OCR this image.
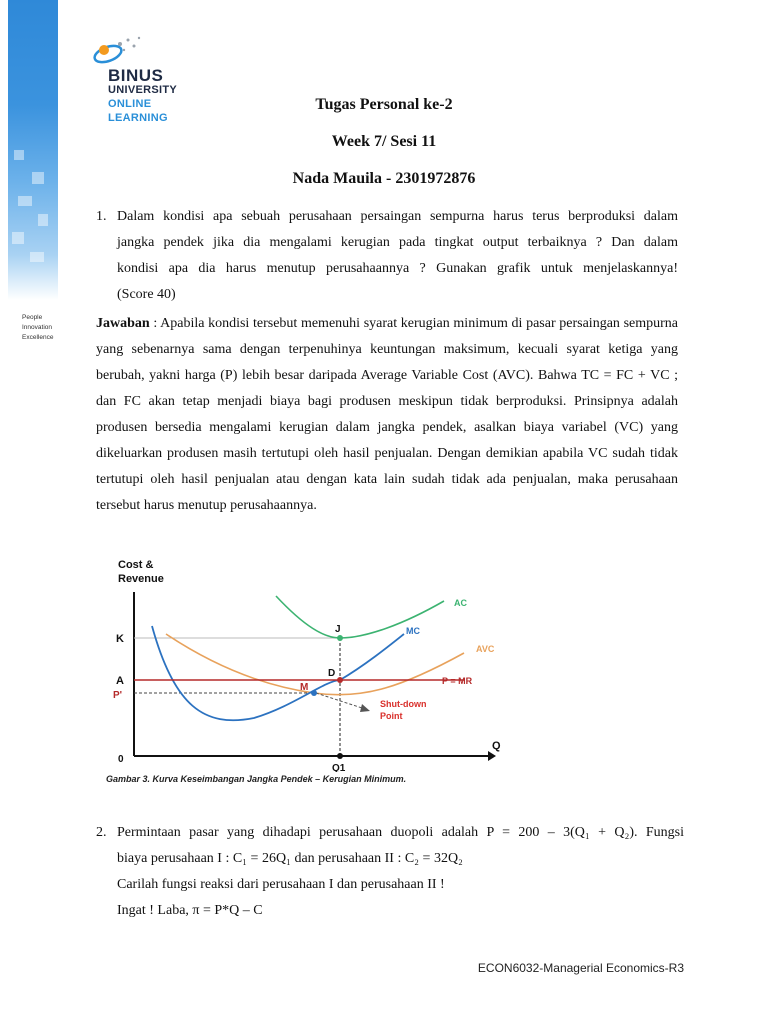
People
Innovation
Excellence
BINUS
UNIVERSITY
ONLINE
LEARNING
Tugas Personal ke-2
Week 7/ Sesi 11
Nada Mauila - 2301972876
1. Dalam kondisi apa sebuah perusahaan persaingan sempurna harus terus berproduksi dalam
jangka pendek jika dia mengalami kerugian pada tingkat output terbaiknya ? Dan dalam
kondisi apa dia harus menutup perusahaannya ? Gunakan grafik untuk menjelaskannya!
(Score 40)
Jawaban : Apabila kondisi tersebut memenuhi syarat kerugian minimum di pasar persaingan sempurna yang sebenarnya sama dengan terpenuhinya keuntungan maksimum, kecuali syarat ketiga yang berubah, yakni harga (P) lebih besar daripada Average Variable Cost (AVC). Bahwa TC = FC + VC ; dan FC akan tetap menjadi biaya bagi produsen meskipun tidak berproduksi. Prinsipnya adalah produsen bersedia mengalami kerugian dalam jangka pendek, asalkan biaya variabel (VC) yang dikeluarkan produsen masih tertutupi oleh hasil penjualan. Dengan demikian apabila VC sudah tidak tertutupi oleh hasil penjualan atau dengan kata lain sudah tidak ada penjualan, maka perusahaan tersebut harus menutup perusahaannya.
Cost &
Revenue
K
A
P'
0
Q
Q1
J
D
M
AC
MC
AVC
P = MR
Shut-down
Point
Gambar 3. Kurva Keseimbangan Jangka Pendek – Kerugian Minimum.
2. Permintaan pasar yang dihadapi perusahaan duopoli adalah P = 200 – 3(Q₁ + Q₂). Fungsi
biaya perusahaan I : C₁ = 26Q₁ dan perusahaan II : C₂ = 32Q₂
Carilah fungsi reaksi dari perusahaan I dan perusahaan II !
Ingat ! Laba, π = P*Q – C
ECON6032-Managerial Economics-R3
